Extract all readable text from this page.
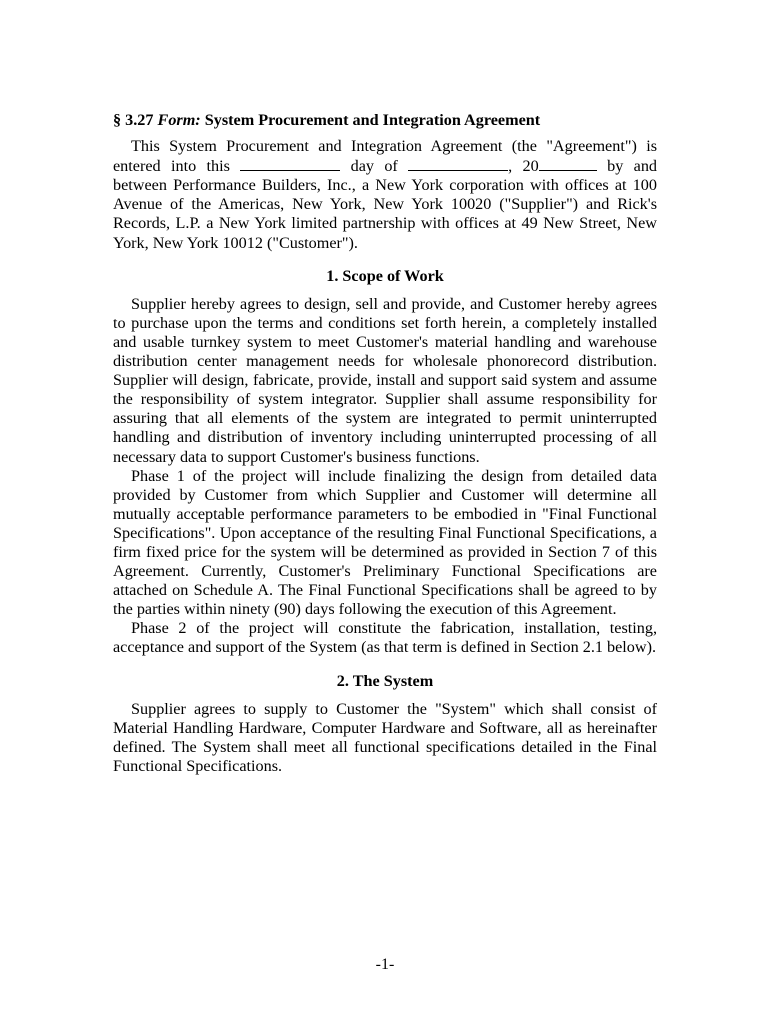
§ 3.27 Form: System Procurement and Integration Agreement

This System Procurement and Integration Agreement (the "Agreement") is entered into this	day of	, 20	by and between Performance Builders, Inc., a New York corporation with offices at 100 Avenue of the Americas, New York, New York 10020 ("Supplier") and Rick's Records, L.P. a New York limited partnership with offices at 49 New Street, New York, New York 10012 ("Customer").

1. Scope of Work

Supplier hereby agrees to design, sell and provide, and Customer hereby agrees to purchase upon the terms and conditions set forth herein, a completely installed and usable turnkey system to meet Customer's material handling and warehouse distribution center management needs for wholesale phonorecord distribution. Supplier will design, fabricate, provide, install and support said system and assume the responsibility of system integrator. Supplier shall assume responsibility for assuring that all elements of the system are integrated to permit uninterrupted handling and distribution of inventory including uninterrupted processing of all necessary data to support Customer's business functions.

Phase 1 of the project will include finalizing the design from detailed data provided by Customer from which Supplier and Customer will determine all mutually acceptable performance parameters to be embodied in "Final Functional Specifications". Upon acceptance of the resulting Final Functional Specifications, a firm fixed price for the system will be determined as provided in Section 7 of this Agreement. Currently, Customer's Preliminary Functional Specifications are attached on Schedule A. The Final Functional Specifications shall be agreed to by the parties within ninety (90) days following the execution of this Agreement.

Phase 2 of the project will constitute the fabrication, installation, testing, acceptance and support of the System (as that term is defined in Section 2.1 below).

2. The System

Supplier agrees to supply to Customer the "System" which shall consist of Material Handling Hardware, Computer Hardware and Software, all as hereinafter defined. The System shall meet all functional specifications detailed in the Final Functional Specifications.

-1-
